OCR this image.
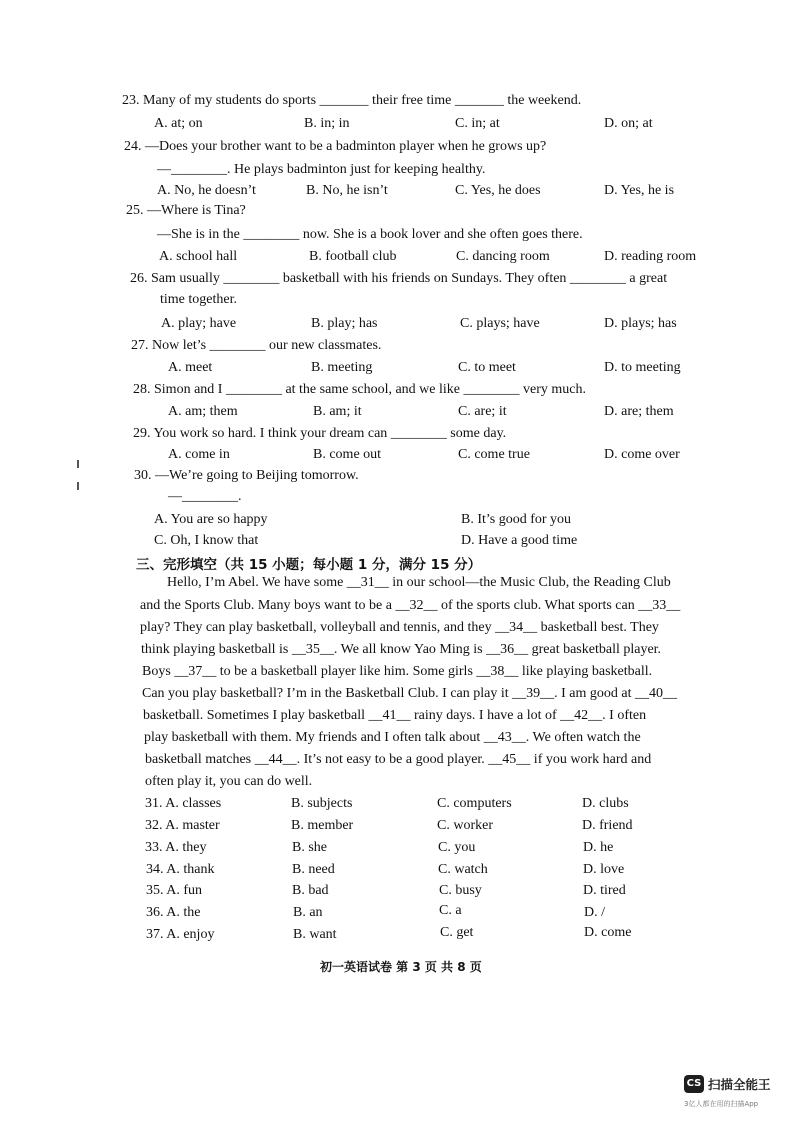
23. Many of my students do sports _______ their free time _______ the weekend.
A. at; on	B. in; in	C. in; at	D. on; at
24. —Does your brother want to be a badminton player when he grows up?
—________. He plays badminton just for keeping healthy.
A. No, he doesn’t	B. No, he isn’t	C. Yes, he does	D. Yes, he is
25. —Where is Tina?
—She is in the ________ now. She is a book lover and she often goes there.
A. school hall	B. football club	C. dancing room	D. reading room
26. Sam usually ________ basketball with his friends on Sundays. They often ________ a great
time together.
A. play; have	B. play; has	C. plays; have	D. plays; has
27. Now let’s ________ our new classmates.
A. meet	B. meeting	C. to meet	D. to meeting
28. Simon and I ________ at the same school, and we like ________ very much.
A. am; them	B. am; it	C. are; it	D. are; them
29. You work so hard. I think your dream can ________ some day.
A. come in	B. come out	C. come true	D. come over
30. —We’re going to Beijing tomorrow.
—________.
A. You are so happy	B. It’s good for you
C. Oh, I know that	D. Have a good time
三、完形填空（共 15 小题；每小题 1 分，满分 15 分）
Hello, I’m Abel. We have some __31__ in our school—the Music Club, the Reading Club
and the Sports Club. Many boys want to be a __32__ of the sports club. What sports can __33__
play? They can play basketball, volleyball and tennis, and they __34__ basketball best. They
think playing basketball is __35__. We all know Yao Ming is __36__ great basketball player.
Boys __37__ to be a basketball player like him. Some girls __38__ like playing basketball.
Can you play basketball? I’m in the Basketball Club. I can play it __39__. I am good at __40__
basketball. Sometimes I play basketball __41__ rainy days. I have a lot of __42__. I often
play basketball with them. My friends and I often talk about __43__. We often watch the
basketball matches __44__. It’s not easy to be a good player. __45__ if you work hard and
often play it, you can do well.
31. A. classes	B. subjects	C. computers	D. clubs
32. A. master	B. member	C. worker	D. friend
33. A. they	B. she	C. you	D. he
34. A. thank	B. need	C. watch	D. love
35. A. fun	B. bad	C. busy	D. tired
36. A. the	B. an	C. a	D. /
37. A. enjoy	B. want	C. get	D. come
初一英语试卷 第 3 页 共 8 页
CS 扫描全能王
3亿人都在用的扫描App
